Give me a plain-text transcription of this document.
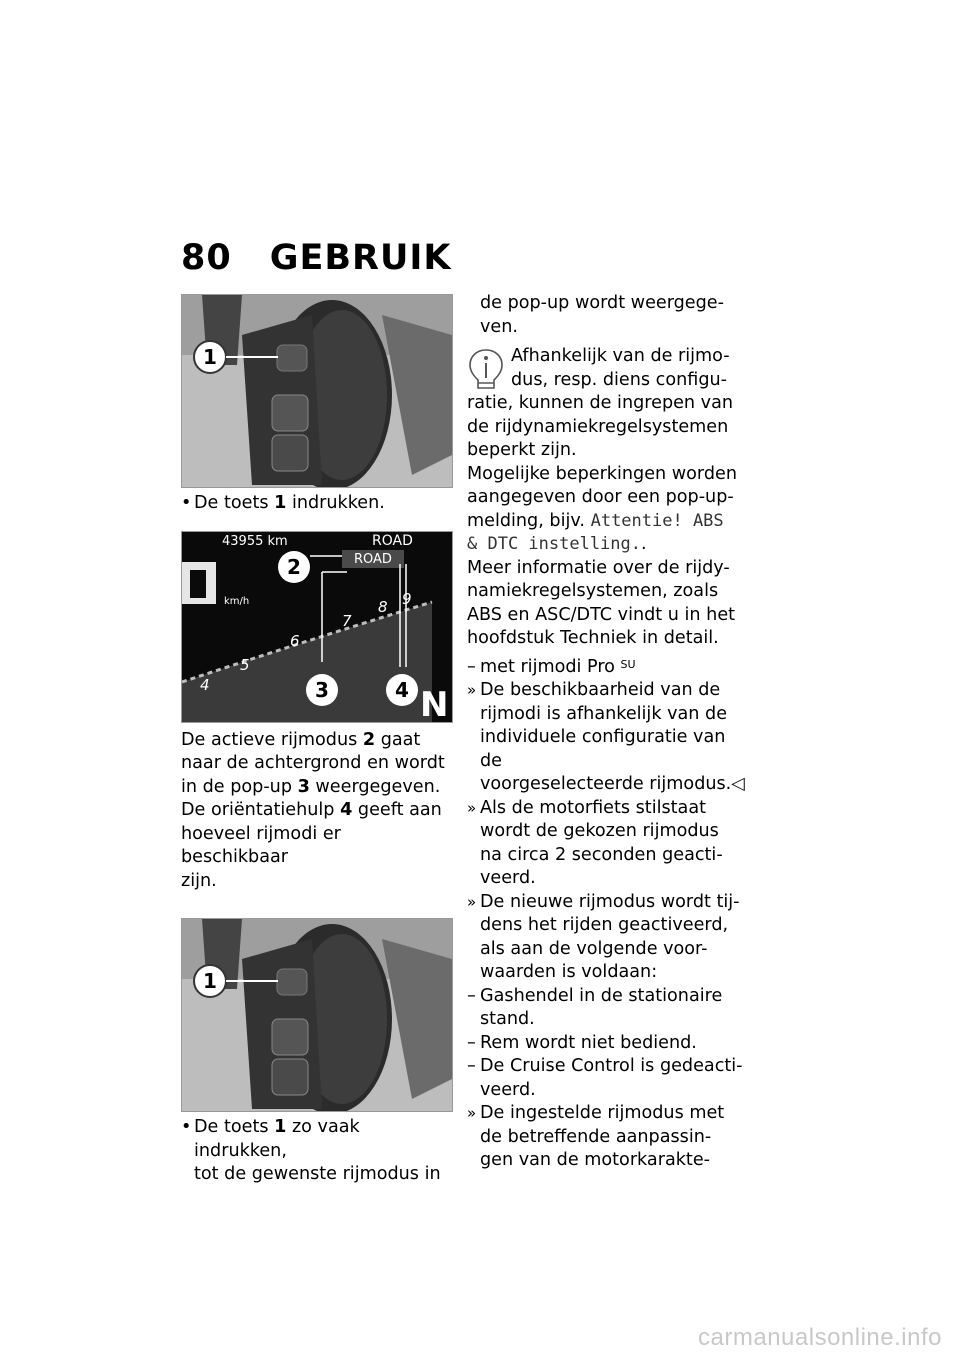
80 GEBRUIK
1

• De toets 1 indrukken.

43955 km	ROAD
ROAD
km/h
4
5
6
7
8 9
N
2
3	4

De actieve rijmodus 2 gaat

naar de achtergrond en wordt

in de pop-up 3 weergegeven.

De oriëntatiehulp 4 geeft aan

hoeveel rijmodi er beschikbaar

zijn.

1

• De toets 1 zo vaak indrukken,
tot de gewenste rijmodus in

de pop-up wordt weergege-
ven.

Afhankelijk van de rijmo-

dus, resp. diens configu-

ratie, kunnen de ingrepen van

de rijdynamiekregelsystemen

beperkt zijn.

Mogelijke beperkingen worden

aangegeven door een pop-up-

melding, bijv. Attentie! ABS

& DTC instelling..

Meer informatie over de rijdy-

namiekregelsystemen, zoals

ABS en ASC/DTC vindt u in het

hoofdstuk Techniek in detail.

– met rijmodi Pro $^{SU}$

» De beschikbaarheid van de
rijmodi is afhankelijk van de
individuele configuratie van de
voorgeselecteerde rijmodus.◁

» Als de motorfiets stilstaat
wordt de gekozen rijmodus
na circa 2 seconden geacti-
veerd.

» De nieuwe rijmodus wordt tij-
dens het rijden geactiveerd,
als aan de volgende voor-
waarden is voldaan:

– Gashendel in de stationaire
stand.

– Rem wordt niet bediend.

– De Cruise Control is gedeacti-
veerd.

» De ingestelde rijmodus met
de betreffende aanpassin-
gen van de motorkarakte-

carmanualsonline.info
